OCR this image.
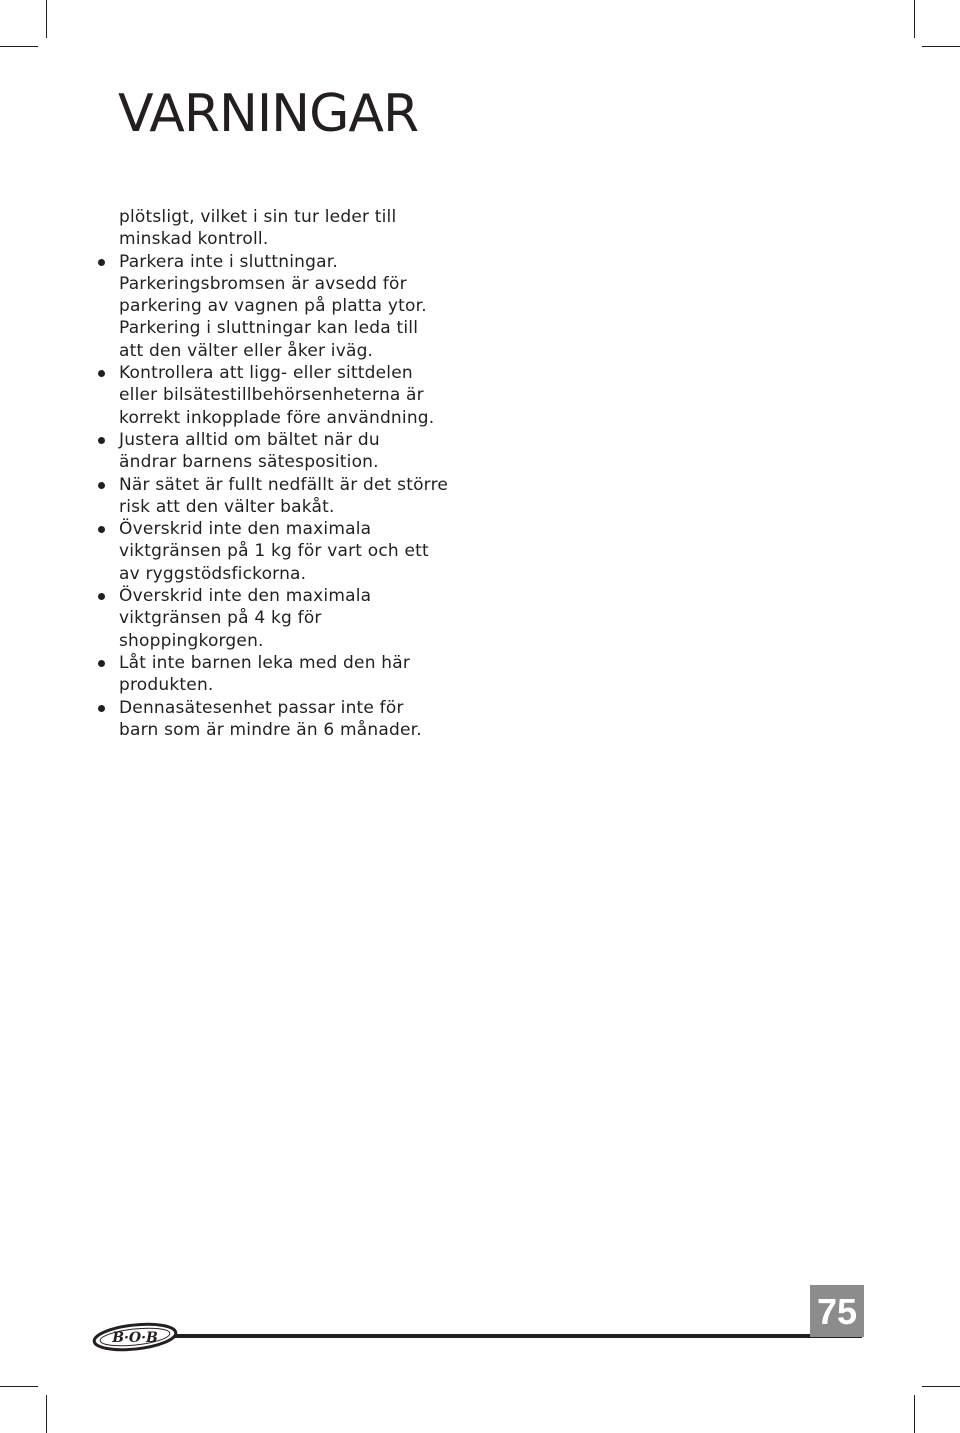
VARNINGAR

plötsligt, vilket i sin tur leder till
minskad kontroll.

Parkera inte i sluttningar.
Parkeringsbromsen är avsedd för
parkering av vagnen på platta ytor.
Parkering i sluttningar kan leda till
att den välter eller åker iväg.
Kontrollera att ligg- eller sittdelen
eller bilsätestillbehörsenheterna är
korrekt inkopplade före användning.
Justera alltid om bältet när du
ändrar barnens sätesposition.
När sätet är fullt nedfällt är det större
risk att den välter bakåt.
Överskrid inte den maximala
viktgränsen på 1 kg för vart och ett
av ryggstödsfickorna.
Överskrid inte den maximala
viktgränsen på 4 kg för
shoppingkorgen.
Låt inte barnen leka med den här
produkten.
Dennasätesenhet passar inte för
barn som är mindre än 6 månader.
B·O·B
75
